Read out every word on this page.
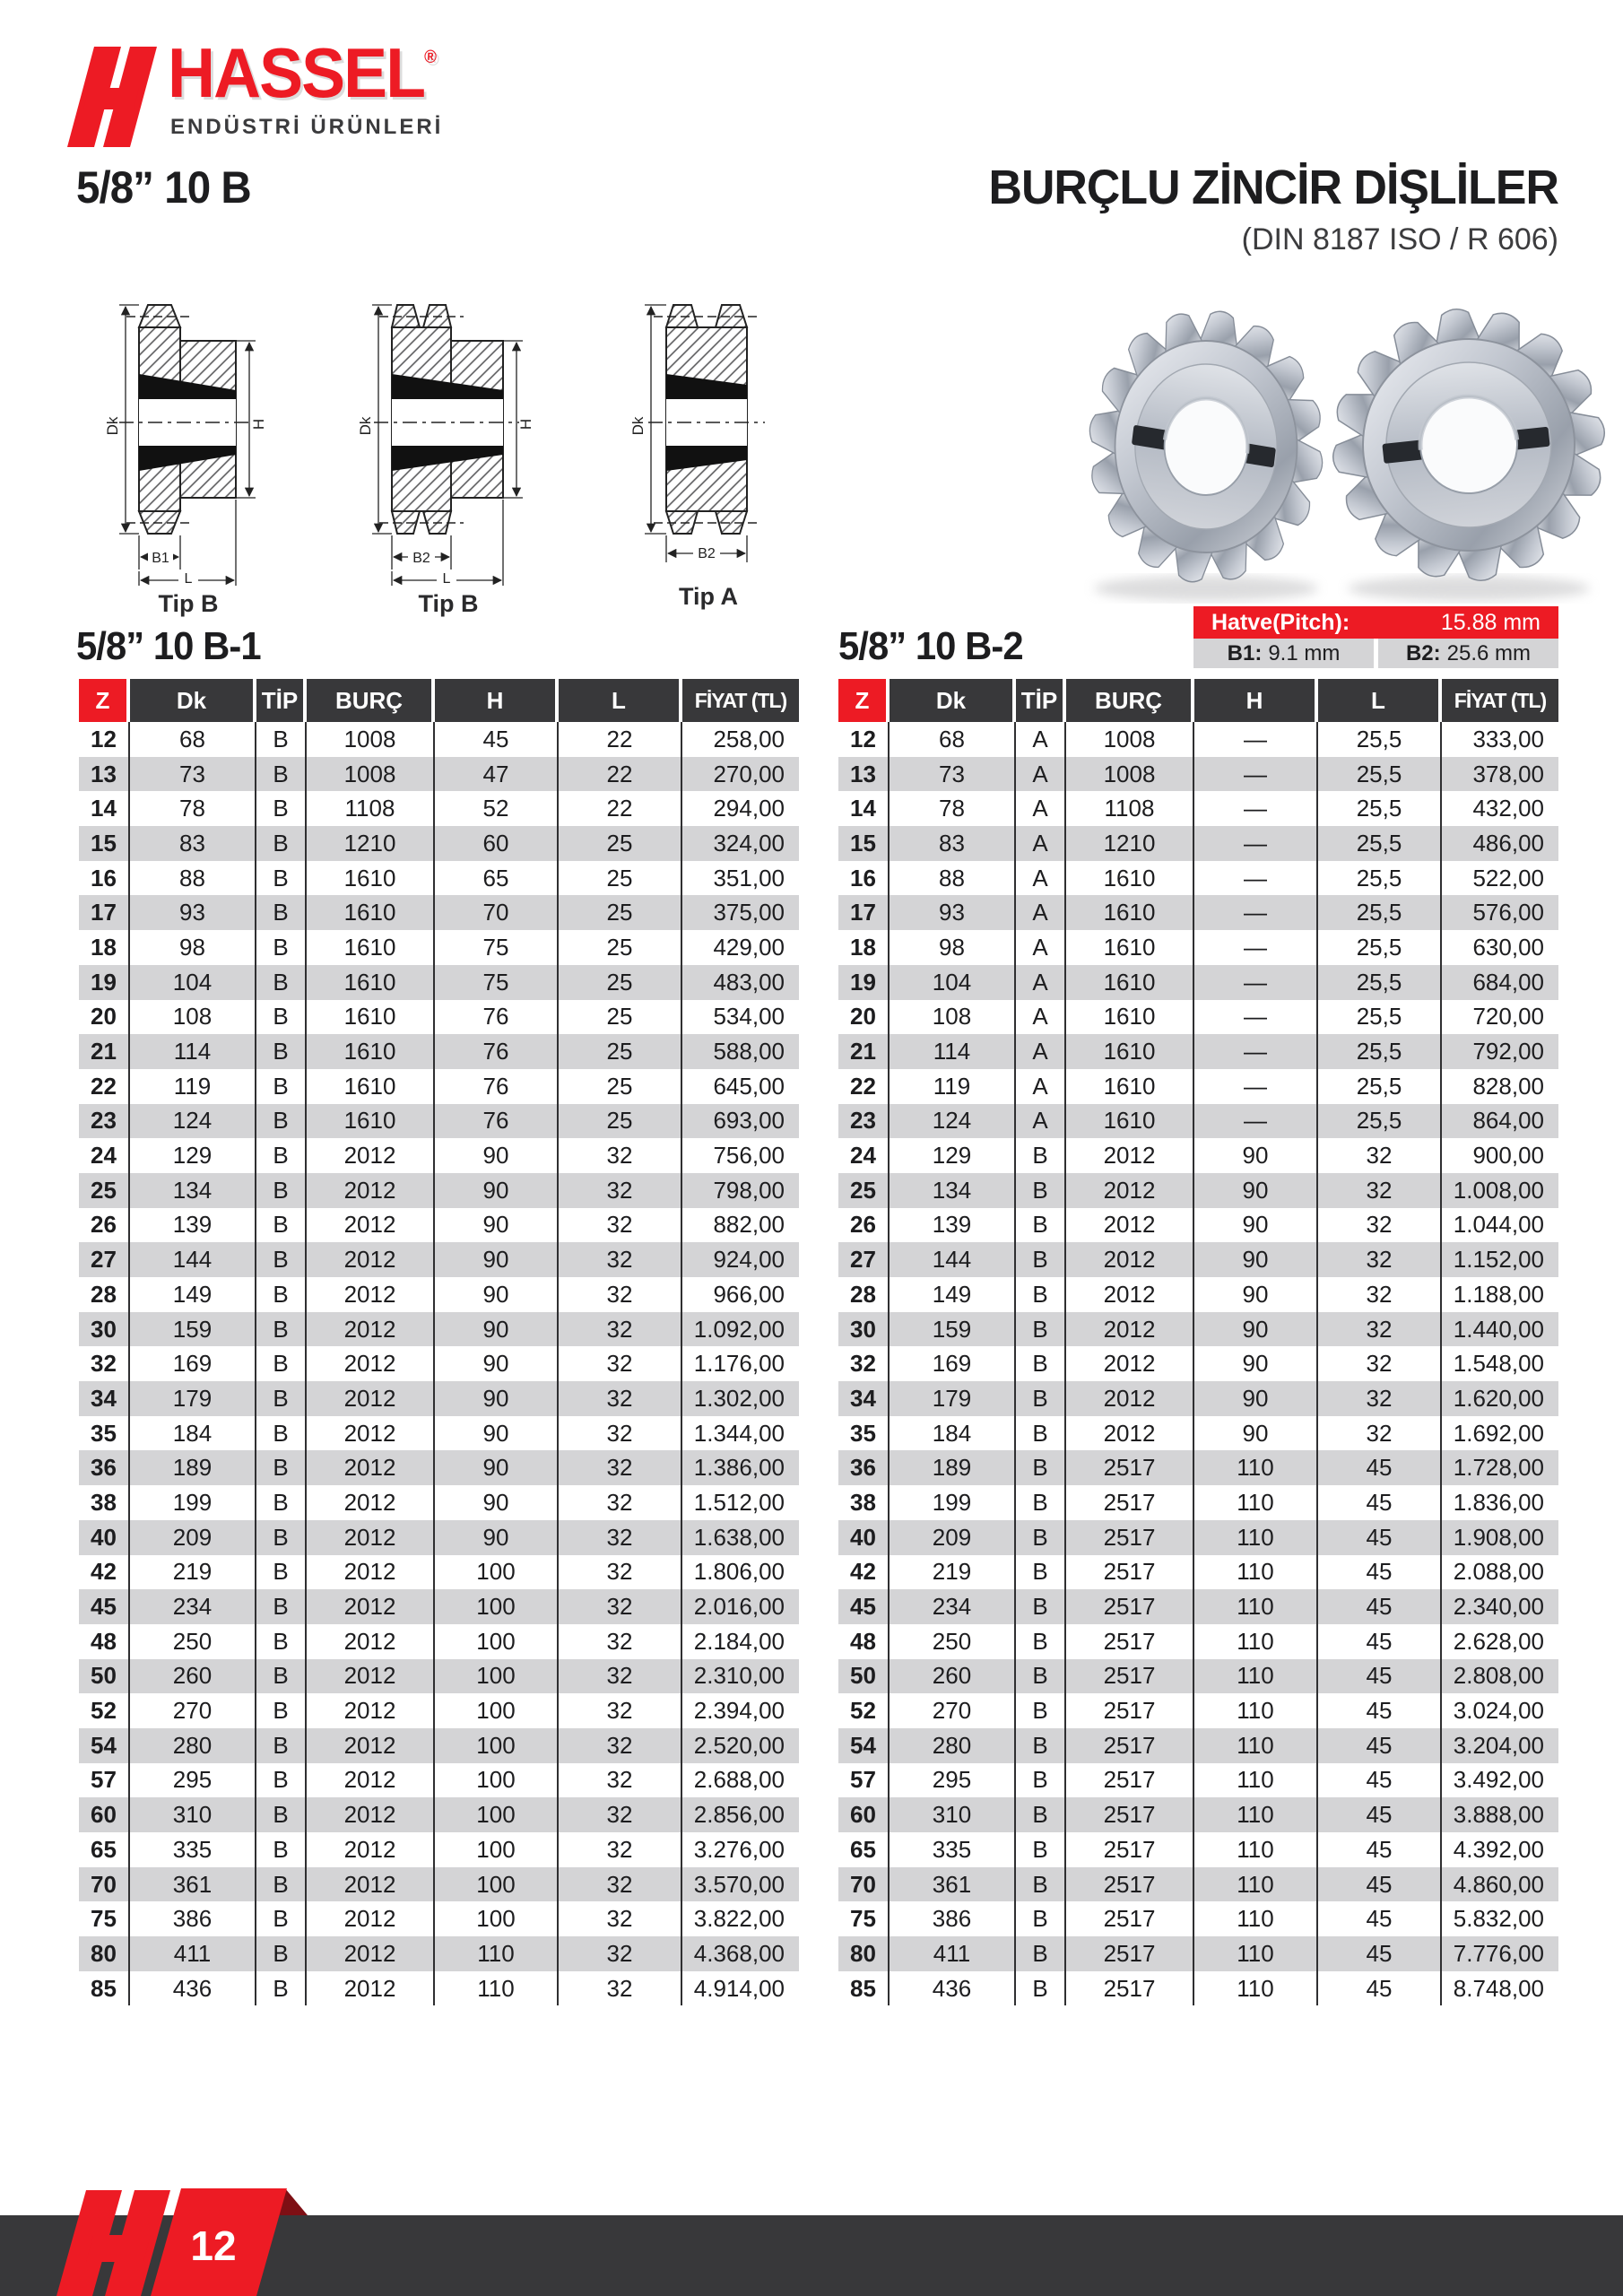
HASSEL®
ENDÜSTRİ ÜRÜNLERİ
5/8” 10 B	BURÇLU ZİNCİR DİŞLİLER
(DIN 8187 ISO / R 606)
Dk	H
B1
L
Tip B
Dk	H
B2
L
Tip B
Dk
B2
Tip A
Hatve(Pitch):	15.88 mm
B1: 9.1 mm	B2: 25.6 mm
5/8” 10 B-1	5/8” 10 B-2
Z	Dk	TİP	BURÇ	H	L	FİYAT (TL)
12	68	B	1008	45	22	258,00
13	73	B	1008	47	22	270,00
14	78	B	1108	52	22	294,00
15	83	B	1210	60	25	324,00
16	88	B	1610	65	25	351,00
17	93	B	1610	70	25	375,00
18	98	B	1610	75	25	429,00
19	104	B	1610	75	25	483,00
20	108	B	1610	76	25	534,00
21	114	B	1610	76	25	588,00
22	119	B	1610	76	25	645,00
23	124	B	1610	76	25	693,00
24	129	B	2012	90	32	756,00
25	134	B	2012	90	32	798,00
26	139	B	2012	90	32	882,00
27	144	B	2012	90	32	924,00
28	149	B	2012	90	32	966,00
30	159	B	2012	90	32	1.092,00
32	169	B	2012	90	32	1.176,00
34	179	B	2012	90	32	1.302,00
35	184	B	2012	90	32	1.344,00
36	189	B	2012	90	32	1.386,00
38	199	B	2012	90	32	1.512,00
40	209	B	2012	90	32	1.638,00
42	219	B	2012	100	32	1.806,00
45	234	B	2012	100	32	2.016,00
48	250	B	2012	100	32	2.184,00
50	260	B	2012	100	32	2.310,00
52	270	B	2012	100	32	2.394,00
54	280	B	2012	100	32	2.520,00
57	295	B	2012	100	32	2.688,00
60	310	B	2012	100	32	2.856,00
65	335	B	2012	100	32	3.276,00
70	361	B	2012	100	32	3.570,00
75	386	B	2012	100	32	3.822,00
80	411	B	2012	110	32	4.368,00
85	436	B	2012	110	32	4.914,00
Z	Dk	TİP	BURÇ	H	L	FİYAT (TL)
12	68	A	1008	—	25,5	333,00
13	73	A	1008	—	25,5	378,00
14	78	A	1108	—	25,5	432,00
15	83	A	1210	—	25,5	486,00
16	88	A	1610	—	25,5	522,00
17	93	A	1610	—	25,5	576,00
18	98	A	1610	—	25,5	630,00
19	104	A	1610	—	25,5	684,00
20	108	A	1610	—	25,5	720,00
21	114	A	1610	—	25,5	792,00
22	119	A	1610	—	25,5	828,00
23	124	A	1610	—	25,5	864,00
24	129	B	2012	90	32	900,00
25	134	B	2012	90	32	1.008,00
26	139	B	2012	90	32	1.044,00
27	144	B	2012	90	32	1.152,00
28	149	B	2012	90	32	1.188,00
30	159	B	2012	90	32	1.440,00
32	169	B	2012	90	32	1.548,00
34	179	B	2012	90	32	1.620,00
35	184	B	2012	90	32	1.692,00
36	189	B	2517	110	45	1.728,00
38	199	B	2517	110	45	1.836,00
40	209	B	2517	110	45	1.908,00
42	219	B	2517	110	45	2.088,00
45	234	B	2517	110	45	2.340,00
48	250	B	2517	110	45	2.628,00
50	260	B	2517	110	45	2.808,00
52	270	B	2517	110	45	3.024,00
54	280	B	2517	110	45	3.204,00
57	295	B	2517	110	45	3.492,00
60	310	B	2517	110	45	3.888,00
65	335	B	2517	110	45	4.392,00
70	361	B	2517	110	45	4.860,00
75	386	B	2517	110	45	5.832,00
80	411	B	2517	110	45	7.776,00
85	436	B	2517	110	45	8.748,00
12
